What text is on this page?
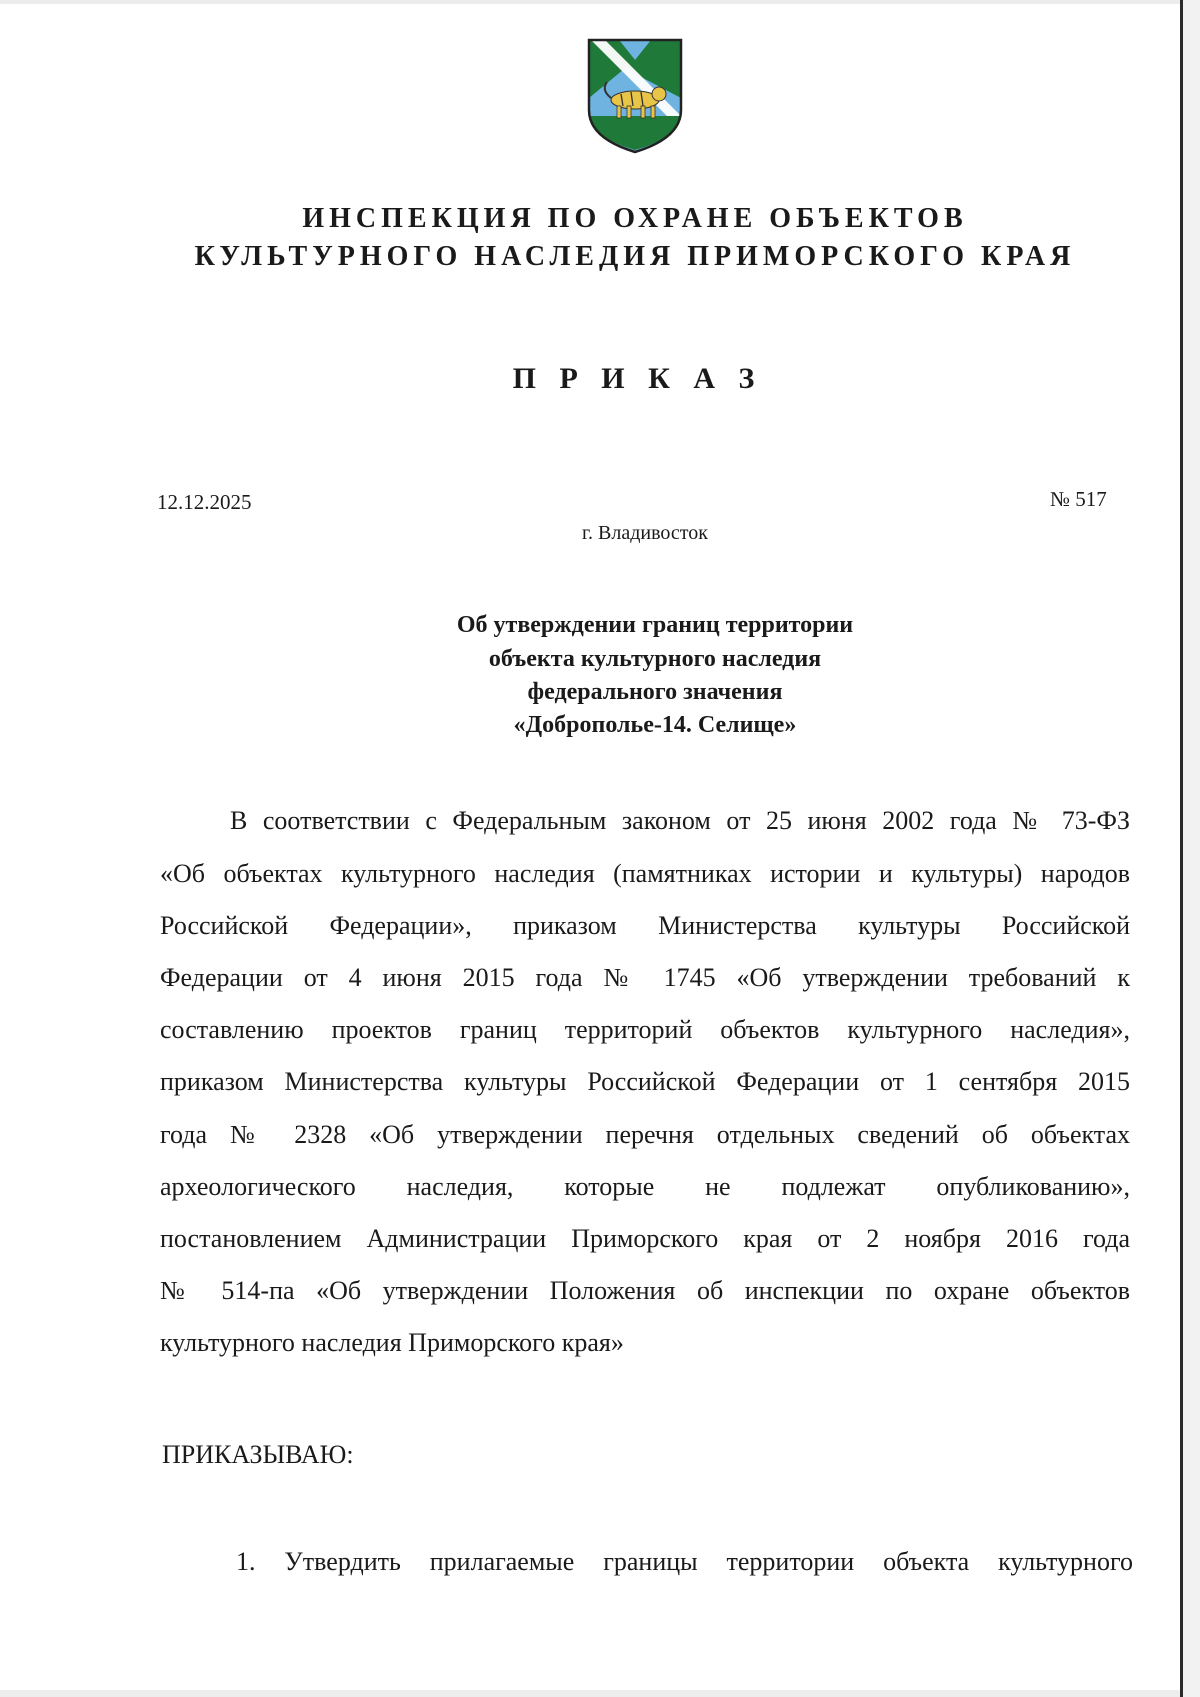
ИНСПЕКЦИЯ ПО ОХРАНЕ ОБЪЕКТОВ
КУЛЬТУРНОГО НАСЛЕДИЯ ПРИМОРСКОГО КРАЯ
П Р И К А З
12.12.2025	№ 517
г. Владивосток
Об утверждении границ территории
объекта культурного наследия
федерального значения
«Доброполье-14. Селище»
В соответствии с Федеральным законом от 25 июня 2002 года № 73-ФЗ
«Об объектах культурного наследия (памятниках истории и культуры) народов
Российской Федерации», приказом Министерства культуры Российской
Федерации от 4 июня 2015 года № 1745 «Об утверждении требований к
составлению проектов границ территорий объектов культурного наследия»,
приказом Министерства культуры Российской Федерации от 1 сентября 2015
года № 2328 «Об утверждении перечня отдельных сведений об объектах
археологического наследия, которые не подлежат опубликованию»,
постановлением Администрации Приморского края от 2 ноября 2016 года
№ 514-па «Об утверждении Положения об инспекции по охране объектов
культурного наследия Приморского края»
ПРИКАЗЫВАЮ:
1. Утвердить прилагаемые границы территории объекта культурного
